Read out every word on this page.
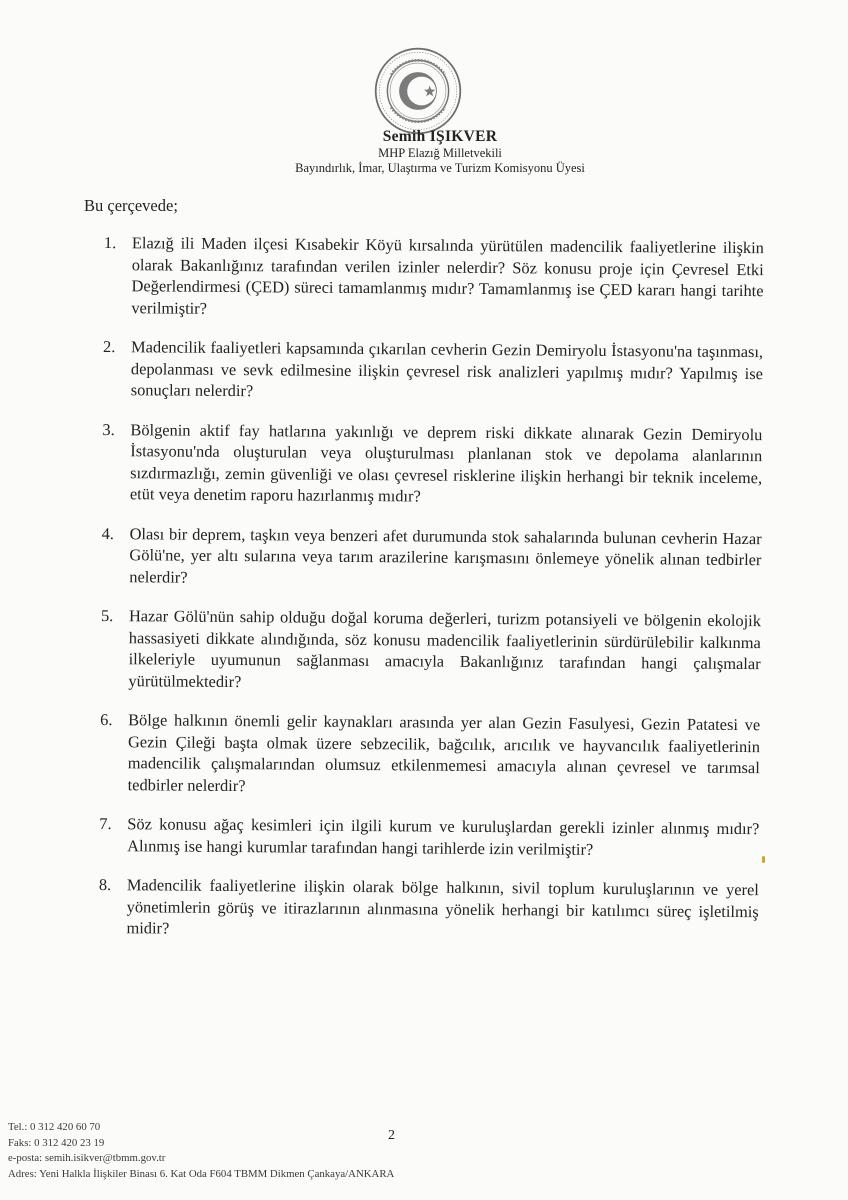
Semih IŞIKVER
MHP Elazığ Milletvekili
Bayındırlık, İmar, Ulaştırma ve Turizm Komisyonu Üyesi
Bu çerçevede;
1. Elazığ ili Maden ilçesi Kısabekir Köyü kırsalında yürütülen madencilik faaliyetlerine ilişkin olarak Bakanlığınız tarafından verilen izinler nelerdir? Söz konusu proje için Çevresel Etki Değerlendirmesi (ÇED) süreci tamamlanmış mıdır? Tamamlanmış ise ÇED kararı hangi tarihte verilmiştir?
2. Madencilik faaliyetleri kapsamında çıkarılan cevherin Gezin Demiryolu İstasyonu'na taşınması, depolanması ve sevk edilmesine ilişkin çevresel risk analizleri yapılmış mıdır? Yapılmış ise sonuçları nelerdir?
3. Bölgenin aktif fay hatlarına yakınlığı ve deprem riski dikkate alınarak Gezin Demiryolu İstasyonu'nda oluşturulan veya oluşturulması planlanan stok ve depolama alanlarının sızdırmazlığı, zemin güvenliği ve olası çevresel risklerine ilişkin herhangi bir teknik inceleme, etüt veya denetim raporu hazırlanmış mıdır?
4. Olası bir deprem, taşkın veya benzeri afet durumunda stok sahalarında bulunan cevherin Hazar Gölü'ne, yer altı sularına veya tarım arazilerine karışmasını önlemeye yönelik alınan tedbirler nelerdir?
5. Hazar Gölü'nün sahip olduğu doğal koruma değerleri, turizm potansiyeli ve bölgenin ekolojik hassasiyeti dikkate alındığında, söz konusu madencilik faaliyetlerinin sürdürülebilir kalkınma ilkeleriyle uyumunun sağlanması amacıyla Bakanlığınız tarafından hangi çalışmalar yürütülmektedir?
6. Bölge halkının önemli gelir kaynakları arasında yer alan Gezin Fasulyesi, Gezin Patatesi ve Gezin Çileği başta olmak üzere sebzecilik, bağcılık, arıcılık ve hayvancılık faaliyetlerinin madencilik çalışmalarından olumsuz etkilenmemesi amacıyla alınan çevresel ve tarımsal tedbirler nelerdir?
7. Söz konusu ağaç kesimleri için ilgili kurum ve kuruluşlardan gerekli izinler alınmış mıdır? Alınmış ise hangi kurumlar tarafından hangi tarihlerde izin verilmiştir?
8. Madencilik faaliyetlerine ilişkin olarak bölge halkının, sivil toplum kuruluşlarının ve yerel yönetimlerin görüş ve itirazlarının alınmasına yönelik herhangi bir katılımcı süreç işletilmiş midir?
2
Tel.: 0 312 420 60 70
Faks: 0 312 420 23 19
e-posta: semih.isikver@tbmm.gov.tr
Adres: Yeni Halkla İlişkiler Binası 6. Kat Oda F604 TBMM Dikmen Çankaya/ANKARA
